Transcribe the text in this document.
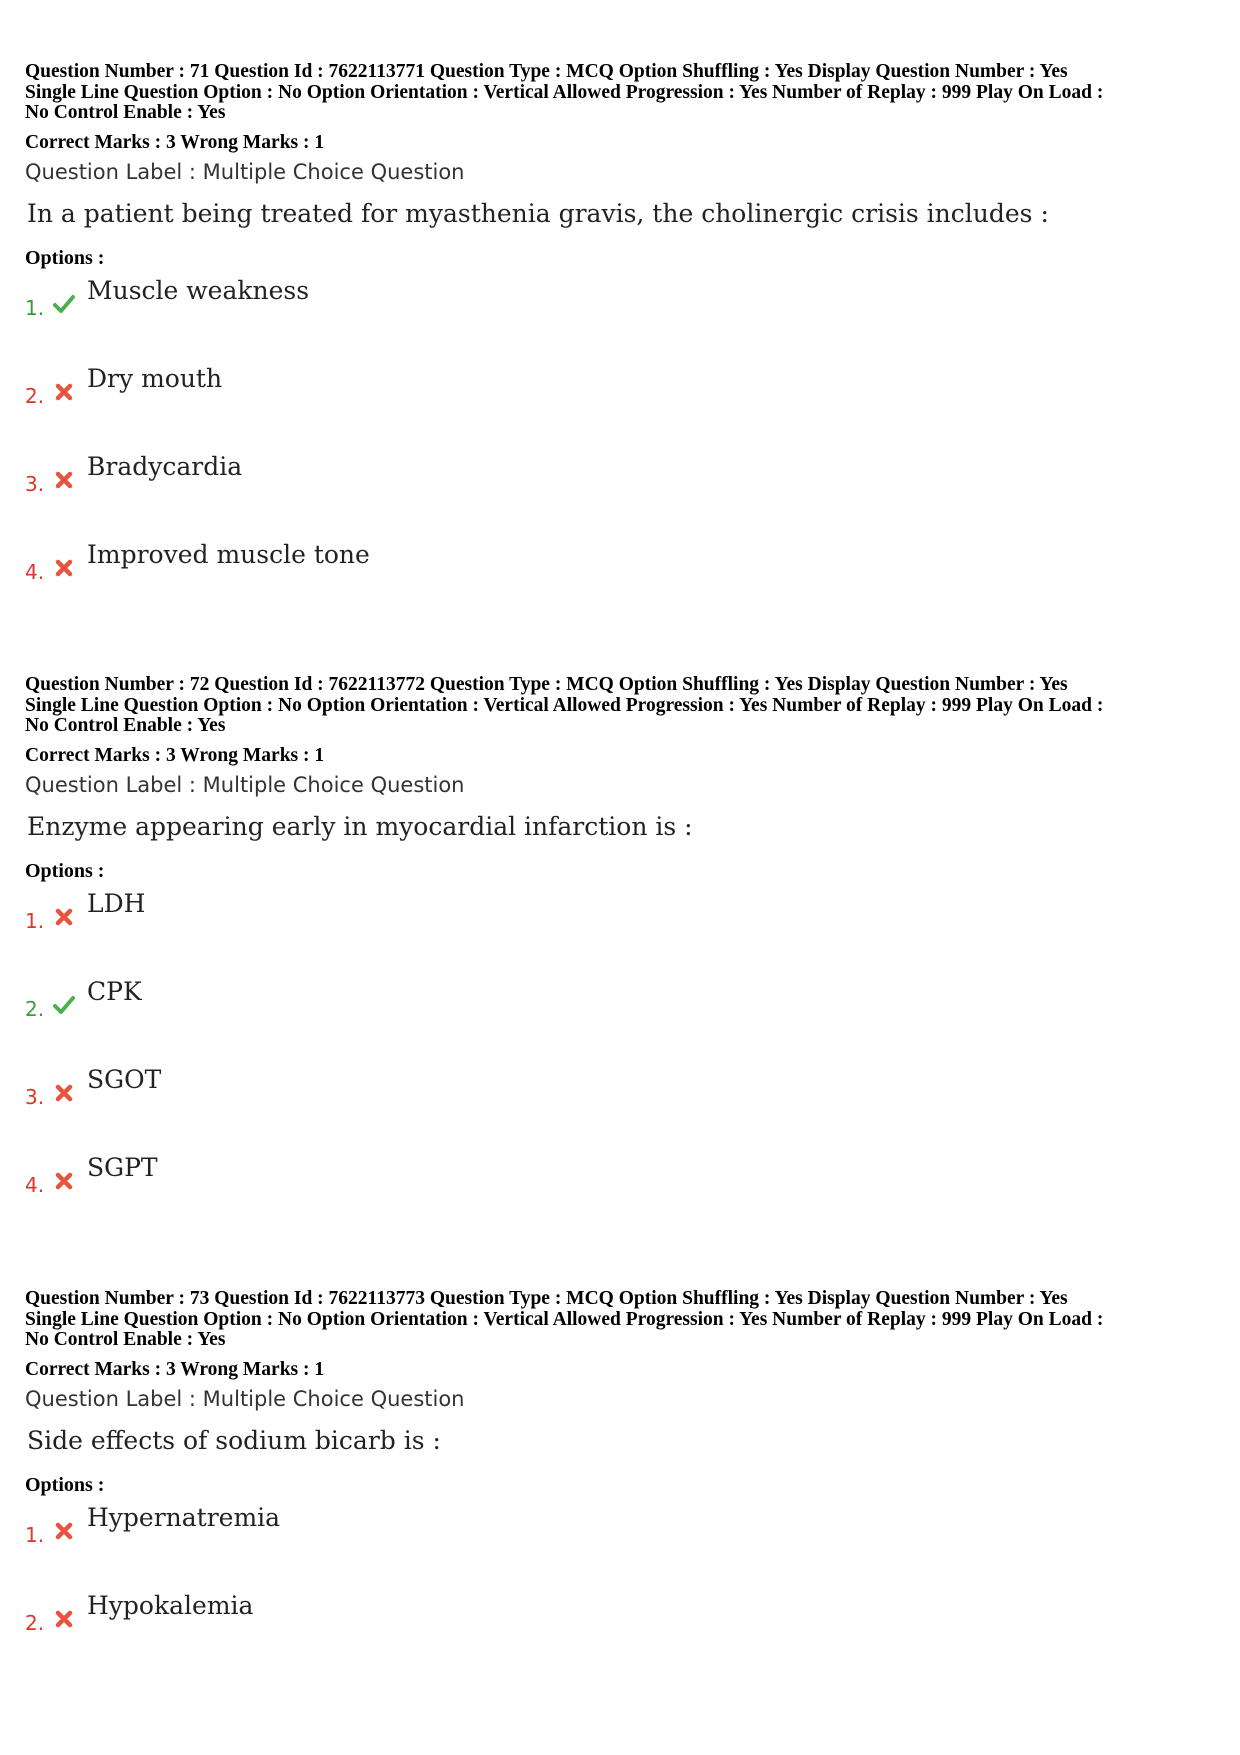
Question Number : 71 Question Id : 7622113771 Question Type : MCQ Option Shuffling : Yes Display Question Number : Yes

Single Line Question Option : No Option Orientation : Vertical Allowed Progression : Yes Number of Replay : 999 Play On Load :

No Control Enable : Yes

Correct Marks : 3 Wrong Marks : 1

Question Label : Multiple Choice Question

In a patient being treated for myasthenia gravis, the cholinergic crisis includes :

Options :

1.
Muscle weakness
2.
Dry mouth
3.
Bradycardia
4.
Improved muscle tone

Question Number : 72 Question Id : 7622113772 Question Type : MCQ Option Shuffling : Yes Display Question Number : Yes

Single Line Question Option : No Option Orientation : Vertical Allowed Progression : Yes Number of Replay : 999 Play On Load :

No Control Enable : Yes

Correct Marks : 3 Wrong Marks : 1

Question Label : Multiple Choice Question

Enzyme appearing early in myocardial infarction is :

Options :

1.
LDH
2.
CPK
3.
SGOT
4.
SGPT

Question Number : 73 Question Id : 7622113773 Question Type : MCQ Option Shuffling : Yes Display Question Number : Yes

Single Line Question Option : No Option Orientation : Vertical Allowed Progression : Yes Number of Replay : 999 Play On Load :

No Control Enable : Yes

Correct Marks : 3 Wrong Marks : 1

Question Label : Multiple Choice Question

Side effects of sodium bicarb is :

Options :

1.
Hypernatremia
2.
Hypokalemia
